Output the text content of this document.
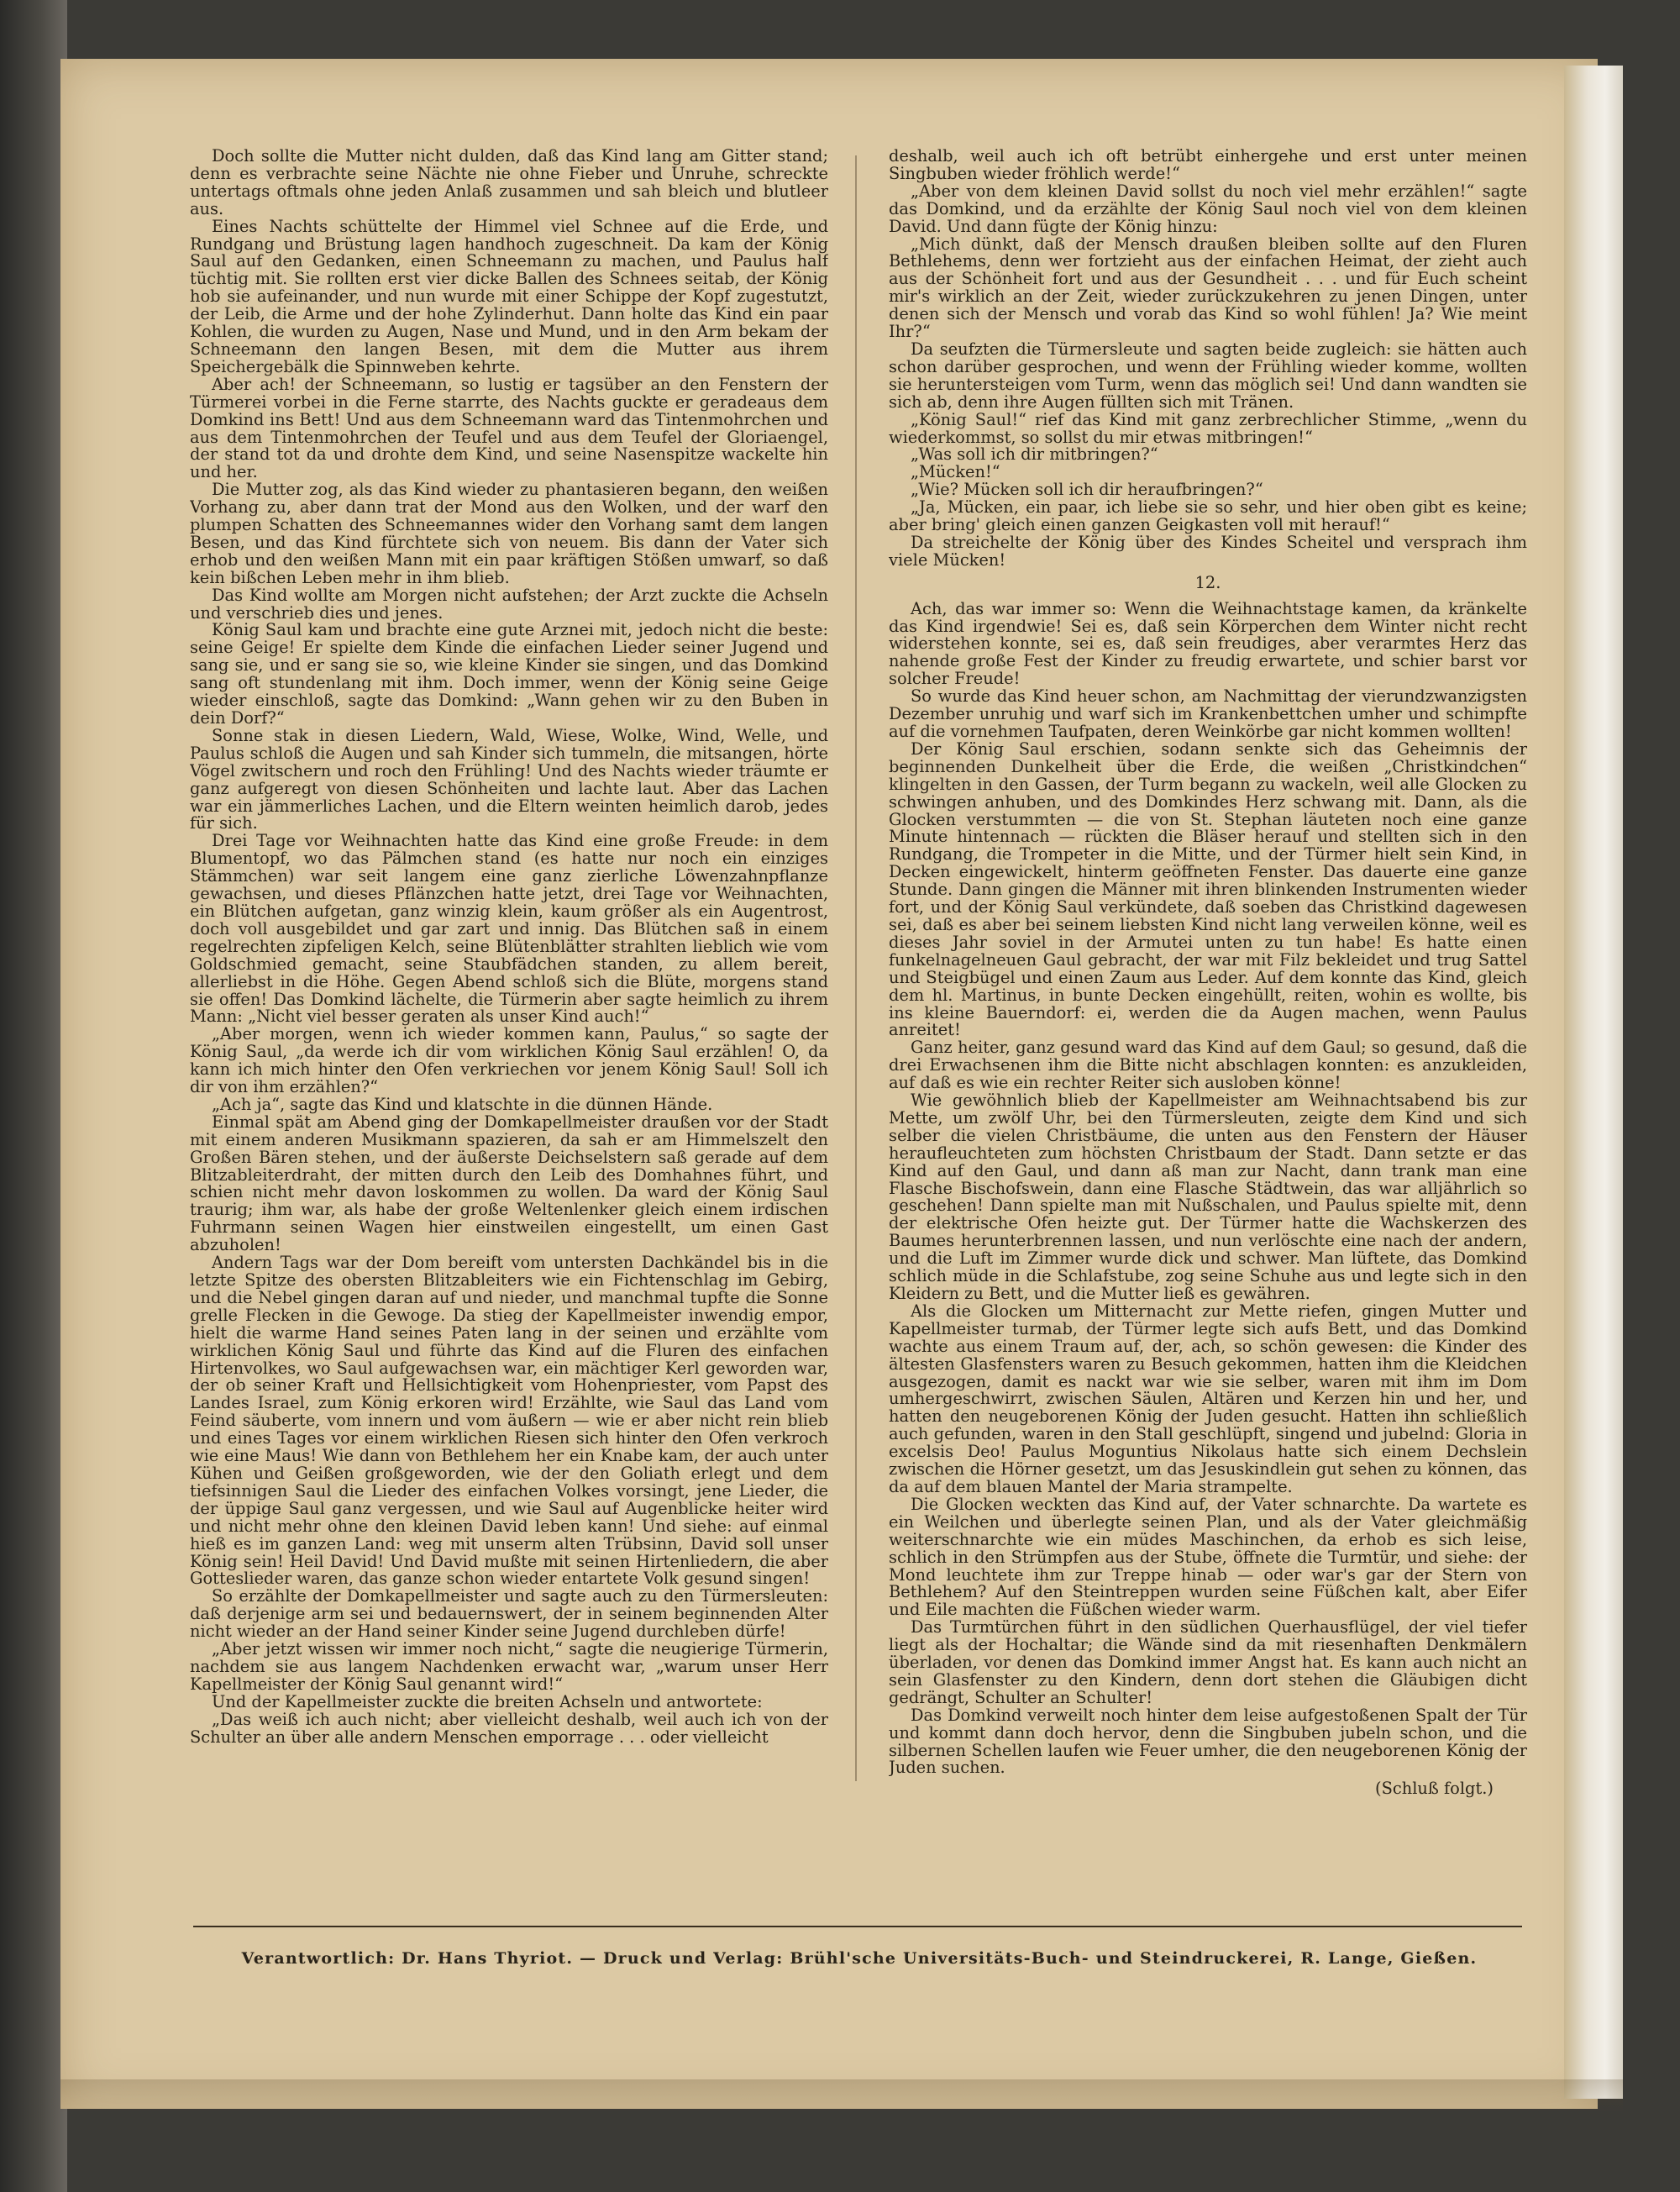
Doch sollte die Mutter nicht dulden, daß das Kind lang am Gitter stand; denn es verbrachte seine Nächte nie ohne Fieber und Unruhe, schreckte untertags oftmals ohne jeden Anlaß zusammen und sah bleich und blutleer aus.

Eines Nachts schüttelte der Himmel viel Schnee auf die Erde, und Rundgang und Brüstung lagen handhoch zugeschneit. Da kam der König Saul auf den Gedanken, einen Schneemann zu machen, und Paulus half tüchtig mit. Sie rollten erst vier dicke Ballen des Schnees seitab, der König hob sie aufeinander, und nun wurde mit einer Schippe der Kopf zugestutzt, der Leib, die Arme und der hohe Zylinderhut. Dann holte das Kind ein paar Kohlen, die wurden zu Augen, Nase und Mund, und in den Arm bekam der Schneemann den langen Besen, mit dem die Mutter aus ihrem Speichergebälk die Spinnweben kehrte.

Aber ach! der Schneemann, so lustig er tagsüber an den Fenstern der Türmerei vorbei in die Ferne starrte, des Nachts guckte er geradeaus dem Domkind ins Bett! Und aus dem Schneemann ward das Tintenmohrchen und aus dem Tintenmohrchen der Teufel und aus dem Teufel der Gloriaengel, der stand tot da und drohte dem Kind, und seine Nasenspitze wackelte hin und her.

Die Mutter zog, als das Kind wieder zu phantasieren begann, den weißen Vorhang zu, aber dann trat der Mond aus den Wolken, und der warf den plumpen Schatten des Schneemannes wider den Vorhang samt dem langen Besen, und das Kind fürchtete sich von neuem. Bis dann der Vater sich erhob und den weißen Mann mit ein paar kräftigen Stößen umwarf, so daß kein bißchen Leben mehr in ihm blieb.

Das Kind wollte am Morgen nicht aufstehen; der Arzt zuckte die Achseln und verschrieb dies und jenes.

König Saul kam und brachte eine gute Arznei mit, jedoch nicht die beste: seine Geige! Er spielte dem Kinde die einfachen Lieder seiner Jugend und sang sie, und er sang sie so, wie kleine Kinder sie singen, und das Domkind sang oft stundenlang mit ihm. Doch immer, wenn der König seine Geige wieder einschloß, sagte das Domkind: „Wann gehen wir zu den Buben in dein Dorf?“

Sonne stak in diesen Liedern, Wald, Wiese, Wolke, Wind, Welle, und Paulus schloß die Augen und sah Kinder sich tummeln, die mitsangen, hörte Vögel zwitschern und roch den Frühling! Und des Nachts wieder träumte er ganz aufgeregt von diesen Schönheiten und lachte laut. Aber das Lachen war ein jämmerliches Lachen, und die Eltern weinten heimlich darob, jedes für sich.

Drei Tage vor Weihnachten hatte das Kind eine große Freude: in dem Blumentopf, wo das Pälmchen stand (es hatte nur noch ein einziges Stämmchen) war seit langem eine ganz zierliche Löwenzahnpflanze gewachsen, und dieses Pflänzchen hatte jetzt, drei Tage vor Weihnachten, ein Blütchen aufgetan, ganz winzig klein, kaum größer als ein Augentrost, doch voll ausgebildet und gar zart und innig. Das Blütchen saß in einem regelrechten zipfeligen Kelch, seine Blütenblätter strahlten lieblich wie vom Goldschmied gemacht, seine Staubfädchen standen, zu allem bereit, allerliebst in die Höhe. Gegen Abend schloß sich die Blüte, morgens stand sie offen! Das Domkind lächelte, die Türmerin aber sagte heimlich zu ihrem Mann: „Nicht viel besser geraten als unser Kind auch!“

„Aber morgen, wenn ich wieder kommen kann, Paulus,“ so sagte der König Saul, „da werde ich dir vom wirklichen König Saul erzählen! O, da kann ich mich hinter den Ofen verkriechen vor jenem König Saul! Soll ich dir von ihm erzählen?“

„Ach ja“, sagte das Kind und klatschte in die dünnen Hände.

Einmal spät am Abend ging der Domkapellmeister draußen vor der Stadt mit einem anderen Musikmann spazieren, da sah er am Himmelszelt den Großen Bären stehen, und der äußerste Deichselstern saß gerade auf dem Blitzableiterdraht, der mitten durch den Leib des Domhahnes führt, und schien nicht mehr davon loskommen zu wollen. Da ward der König Saul traurig; ihm war, als habe der große Weltenlenker gleich einem irdischen Fuhrmann seinen Wagen hier einstweilen eingestellt, um einen Gast abzuholen!

Andern Tags war der Dom bereift vom untersten Dachkändel bis in die letzte Spitze des obersten Blitzableiters wie ein Fichtenschlag im Gebirg, und die Nebel gingen daran auf und nieder, und manchmal tupfte die Sonne grelle Flecken in die Gewoge. Da stieg der Kapellmeister inwendig empor, hielt die warme Hand seines Paten lang in der seinen und erzählte vom wirklichen König Saul und führte das Kind auf die Fluren des einfachen Hirtenvolkes, wo Saul aufgewachsen war, ein mächtiger Kerl geworden war, der ob seiner Kraft und Hellsichtigkeit vom Hohenpriester, vom Papst des Landes Israel, zum König erkoren wird! Erzählte, wie Saul das Land vom Feind säuberte, vom innern und vom äußern — wie er aber nicht rein blieb und eines Tages vor einem wirklichen Riesen sich hinter den Ofen verkroch wie eine Maus! Wie dann von Bethlehem her ein Knabe kam, der auch unter Kühen und Geißen großgeworden, wie der den Goliath erlegt und dem tiefsinnigen Saul die Lieder des einfachen Volkes vorsingt, jene Lieder, die der üppige Saul ganz vergessen, und wie Saul auf Augenblicke heiter wird und nicht mehr ohne den kleinen David leben kann! Und siehe: auf einmal hieß es im ganzen Land: weg mit unserm alten Trübsinn, David soll unser König sein! Heil David! Und David mußte mit seinen Hirtenliedern, die aber Gotteslieder waren, das ganze schon wieder entartete Volk gesund singen!

So erzählte der Domkapellmeister und sagte auch zu den Türmersleuten: daß derjenige arm sei und bedauernswert, der in seinem beginnenden Alter nicht wieder an der Hand seiner Kinder seine Jugend durchleben dürfe!

„Aber jetzt wissen wir immer noch nicht,“ sagte die neugierige Türmerin, nachdem sie aus langem Nachdenken erwacht war, „warum unser Herr Kapellmeister der König Saul genannt wird!“

Und der Kapellmeister zuckte die breiten Achseln und antwortete:

„Das weiß ich auch nicht; aber vielleicht deshalb, weil auch ich von der Schulter an über alle andern Menschen emporrage . . . oder vielleicht

deshalb, weil auch ich oft betrübt einhergehe und erst unter meinen Singbuben wieder fröhlich werde!“

„Aber von dem kleinen David sollst du noch viel mehr erzählen!“ sagte das Domkind, und da erzählte der König Saul noch viel von dem kleinen David. Und dann fügte der König hinzu:

„Mich dünkt, daß der Mensch draußen bleiben sollte auf den Fluren Bethlehems, denn wer fortzieht aus der einfachen Heimat, der zieht auch aus der Schönheit fort und aus der Gesundheit . . . und für Euch scheint mir's wirklich an der Zeit, wieder zurückzukehren zu jenen Dingen, unter denen sich der Mensch und vorab das Kind so wohl fühlen! Ja? Wie meint Ihr?“

Da seufzten die Türmersleute und sagten beide zugleich: sie hätten auch schon darüber gesprochen, und wenn der Frühling wieder komme, wollten sie heruntersteigen vom Turm, wenn das möglich sei! Und dann wandten sie sich ab, denn ihre Augen füllten sich mit Tränen.

„König Saul!“ rief das Kind mit ganz zerbrechlicher Stimme, „wenn du wiederkommst, so sollst du mir etwas mitbringen!“

„Was soll ich dir mitbringen?“

„Mücken!“

„Wie? Mücken soll ich dir heraufbringen?“

„Ja, Mücken, ein paar, ich liebe sie so sehr, und hier oben gibt es keine; aber bring' gleich einen ganzen Geigkasten voll mit herauf!“

Da streichelte der König über des Kindes Scheitel und versprach ihm viele Mücken!

12.

Ach, das war immer so: Wenn die Weihnachtstage kamen, da kränkelte das Kind irgendwie! Sei es, daß sein Körperchen dem Winter nicht recht widerstehen konnte, sei es, daß sein freudiges, aber verarmtes Herz das nahende große Fest der Kinder zu freudig erwartete, und schier barst vor solcher Freude!

So wurde das Kind heuer schon, am Nachmittag der vierundzwanzigsten Dezember unruhig und warf sich im Krankenbettchen umher und schimpfte auf die vornehmen Taufpaten, deren Weinkörbe gar nicht kommen wollten!

Der König Saul erschien, sodann senkte sich das Geheimnis der beginnenden Dunkelheit über die Erde, die weißen „Christkindchen“ klingelten in den Gassen, der Turm begann zu wackeln, weil alle Glocken zu schwingen anhuben, und des Domkindes Herz schwang mit. Dann, als die Glocken verstummten — die von St. Stephan läuteten noch eine ganze Minute hintennach — rückten die Bläser herauf und stellten sich in den Rundgang, die Trompeter in die Mitte, und der Türmer hielt sein Kind, in Decken eingewickelt, hinterm geöffneten Fenster. Das dauerte eine ganze Stunde. Dann gingen die Männer mit ihren blinkenden Instrumenten wieder fort, und der König Saul verkündete, daß soeben das Christkind dagewesen sei, daß es aber bei seinem liebsten Kind nicht lang verweilen könne, weil es dieses Jahr soviel in der Armutei unten zu tun habe! Es hatte einen funkelnagelneuen Gaul gebracht, der war mit Filz bekleidet und trug Sattel und Steigbügel und einen Zaum aus Leder. Auf dem konnte das Kind, gleich dem hl. Martinus, in bunte Decken eingehüllt, reiten, wohin es wollte, bis ins kleine Bauerndorf: ei, werden die da Augen machen, wenn Paulus anreitet!

Ganz heiter, ganz gesund ward das Kind auf dem Gaul; so gesund, daß die drei Erwachsenen ihm die Bitte nicht abschlagen konnten: es anzukleiden, auf daß es wie ein rechter Reiter sich ausloben könne!

Wie gewöhnlich blieb der Kapellmeister am Weihnachtsabend bis zur Mette, um zwölf Uhr, bei den Türmersleuten, zeigte dem Kind und sich selber die vielen Christbäume, die unten aus den Fenstern der Häuser heraufleuchteten zum höchsten Christbaum der Stadt. Dann setzte er das Kind auf den Gaul, und dann aß man zur Nacht, dann trank man eine Flasche Bischofswein, dann eine Flasche Städtwein, das war alljährlich so geschehen! Dann spielte man mit Nußschalen, und Paulus spielte mit, denn der elektrische Ofen heizte gut. Der Türmer hatte die Wachskerzen des Baumes herunterbrennen lassen, und nun verlöschte eine nach der andern, und die Luft im Zimmer wurde dick und schwer. Man lüftete, das Domkind schlich müde in die Schlafstube, zog seine Schuhe aus und legte sich in den Kleidern zu Bett, und die Mutter ließ es gewähren.

Als die Glocken um Mitternacht zur Mette riefen, gingen Mutter und Kapellmeister turmab, der Türmer legte sich aufs Bett, und das Domkind wachte aus einem Traum auf, der, ach, so schön gewesen: die Kinder des ältesten Glasfensters waren zu Besuch gekommen, hatten ihm die Kleidchen ausgezogen, damit es nackt war wie sie selber, waren mit ihm im Dom umhergeschwirrt, zwischen Säulen, Altären und Kerzen hin und her, und hatten den neugeborenen König der Juden gesucht. Hatten ihn schließlich auch gefunden, waren in den Stall geschlüpft, singend und jubelnd: Gloria in excelsis Deo! Paulus Moguntius Nikolaus hatte sich einem Dechslein zwischen die Hörner gesetzt, um das Jesuskindlein gut sehen zu können, das da auf dem blauen Mantel der Maria strampelte.

Die Glocken weckten das Kind auf, der Vater schnarchte. Da wartete es ein Weilchen und überlegte seinen Plan, und als der Vater gleichmäßig weiterschnarchte wie ein müdes Maschinchen, da erhob es sich leise, schlich in den Strümpfen aus der Stube, öffnete die Turmtür, und siehe: der Mond leuchtete ihm zur Treppe hinab — oder war's gar der Stern von Bethlehem? Auf den Steintreppen wurden seine Füßchen kalt, aber Eifer und Eile machten die Füßchen wieder warm.

Das Turmtürchen führt in den südlichen Querhausflügel, der viel tiefer liegt als der Hochaltar; die Wände sind da mit riesenhaften Denkmälern überladen, vor denen das Domkind immer Angst hat. Es kann auch nicht an sein Glasfenster zu den Kindern, denn dort stehen die Gläubigen dicht gedrängt, Schulter an Schulter!

Das Domkind verweilt noch hinter dem leise aufgestoßenen Spalt der Tür und kommt dann doch hervor, denn die Singbuben jubeln schon, und die silbernen Schellen laufen wie Feuer umher, die den neugeborenen König der Juden suchen.

(Schluß folgt.)
Verantwortlich: Dr. Hans Thyriot. — Druck und Verlag: Brühl'sche Universitäts-Buch- und Steindruckerei, R. Lange, Gießen.
